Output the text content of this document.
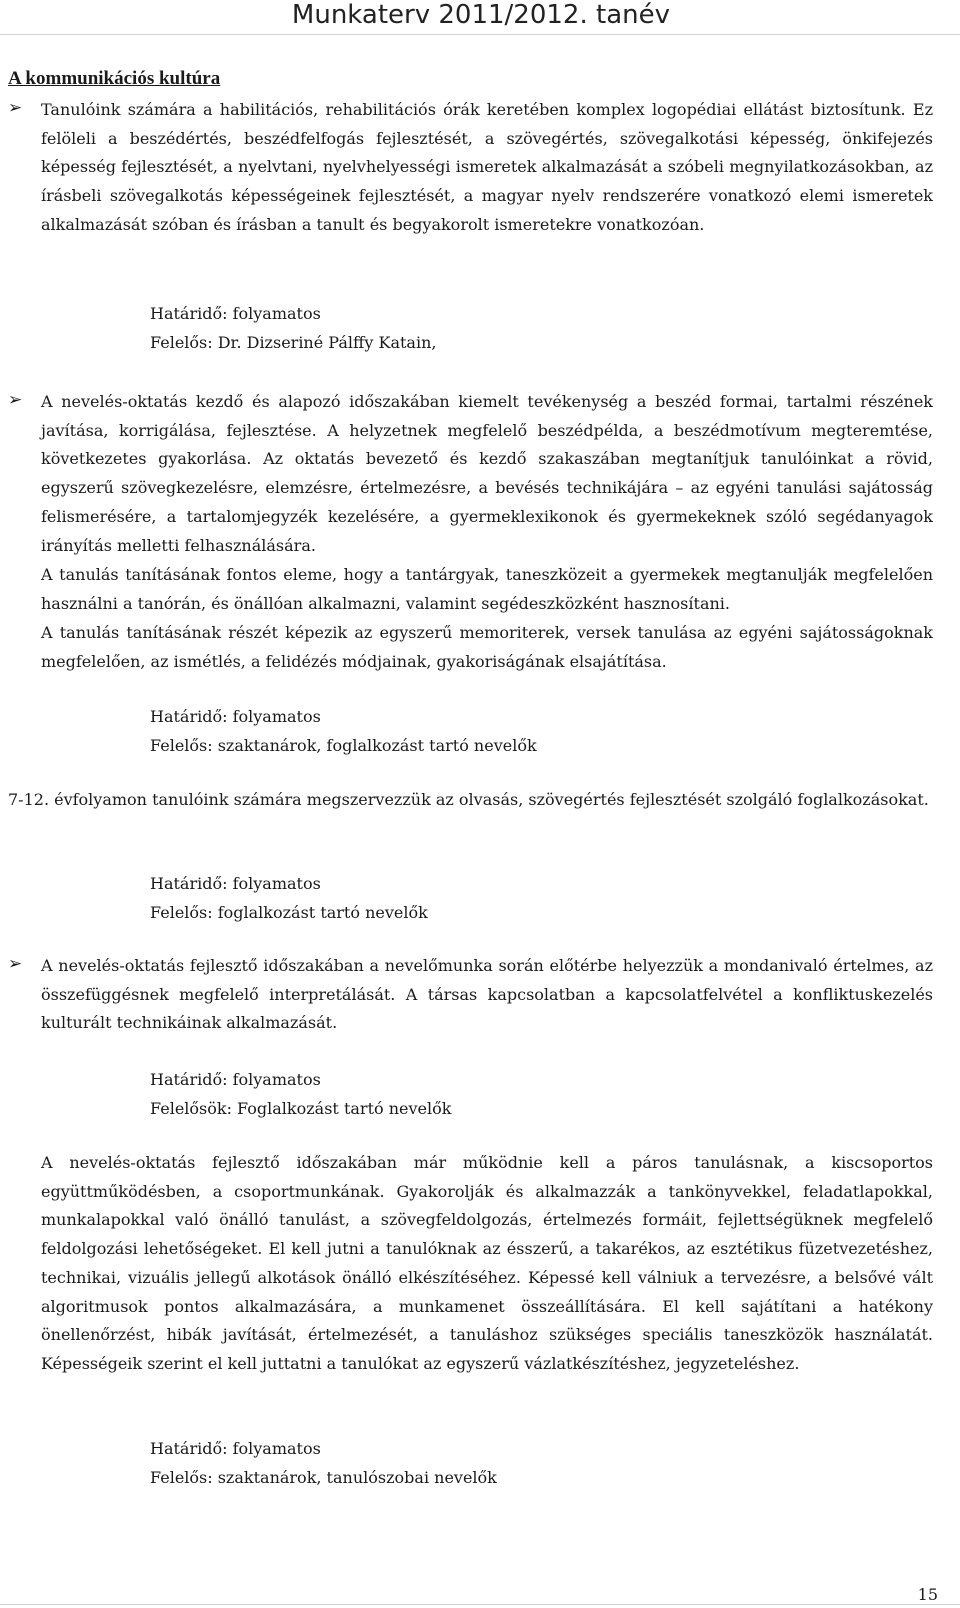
Munkaterv 2011/2012. tanév
A kommunikációs kultúra
➢ Tanulóink számára a habilitációs, rehabilitációs órák keretében komplex logopédiai ellátást biztosítunk. Ez felöleli a beszédértés, beszédfelfogás fejlesztését, a szövegértés, szövegalkotási képesség, önkifejezés képesség fejlesztését, a nyelvtani, nyelvhelyességi ismeretek alkalmazását a szóbeli megnyilatkozásokban, az írásbeli szövegalkotás képességeinek fejlesztését, a magyar nyelv rendszerére vonatkozó elemi ismeretek alkalmazását szóban és írásban a tanult és begyakorolt ismeretekre vonatkozóan.

Határidő: folyamatos
Felelős: Dr. Dizseriné Pálffy Katain,
➢ A nevelés-oktatás kezdő és alapozó időszakában kiemelt tevékenység a beszéd formai, tartalmi részének javítása, korrigálása, fejlesztése. A helyzetnek megfelelő beszédpélda, a beszédmotívum megteremtése, következetes gyakorlása. Az oktatás bevezető és kezdő szakaszában megtanítjuk tanulóinkat a rövid, egyszerű szövegkezelésre, elemzésre, értelmezésre, a bevésés technikájára – az egyéni tanulási sajátosság felismerésére, a tartalomjegyzék kezelésére, a gyermeklexikonok és gyermekeknek szóló segédanyagok irányítás melletti felhasználására.

A tanulás tanításának fontos eleme, hogy a tantárgyak, taneszközeit a gyermekek megtanulják megfelelően használni a tanórán, és önállóan alkalmazni, valamint segédeszközként hasznosítani.

A tanulás tanításának részét képezik az egyszerű memoriterek, versek tanulása az egyéni sajátosságoknak megfelelően, az ismétlés, a felidézés módjainak, gyakoriságának elsajátítása.

Határidő: folyamatos
Felelős: szaktanárok, foglalkozást tartó nevelők

7-12. évfolyamon tanulóink számára megszervezzük az olvasás, szövegértés fejlesztését szolgáló foglalkozásokat.

Határidő: folyamatos
Felelős: foglalkozást tartó nevelők
➢ A nevelés-oktatás fejlesztő időszakában a nevelőmunka során előtérbe helyezzük a mondanivaló értelmes, az összefüggésnek megfelelő interpretálását. A társas kapcsolatban a kapcsolatfelvétel a konfliktuskezelés kulturált technikáinak alkalmazását.

Határidő: folyamatos
Felelősök: Foglalkozást tartó nevelők

A nevelés-oktatás fejlesztő időszakában már működnie kell a páros tanulásnak, a kiscsoportos együttműködésben, a csoportmunkának. Gyakorolják és alkalmazzák a tankönyvekkel, feladatlapokkal, munkalapokkal való önálló tanulást, a szövegfeldolgozás, értelmezés formáit, fejlettségüknek megfelelő feldolgozási lehetőségeket. El kell jutni a tanulóknak az ésszerű, a takarékos, az esztétikus füzetvezetéshez, technikai, vizuális jellegű alkotások önálló elkészítéséhez. Képessé kell válniuk a tervezésre, a belsővé vált algoritmusok pontos alkalmazására, a munkamenet összeállítására. El kell sajátítani a hatékony önellenőrzést, hibák javítását, értelmezését, a tanuláshoz szükséges speciális taneszközök használatát. Képességeik szerint el kell juttatni a tanulókat az egyszerű vázlatkészítéshez, jegyzeteléshez.

Határidő: folyamatos
Felelős: szaktanárok, tanulószobai nevelők
15
